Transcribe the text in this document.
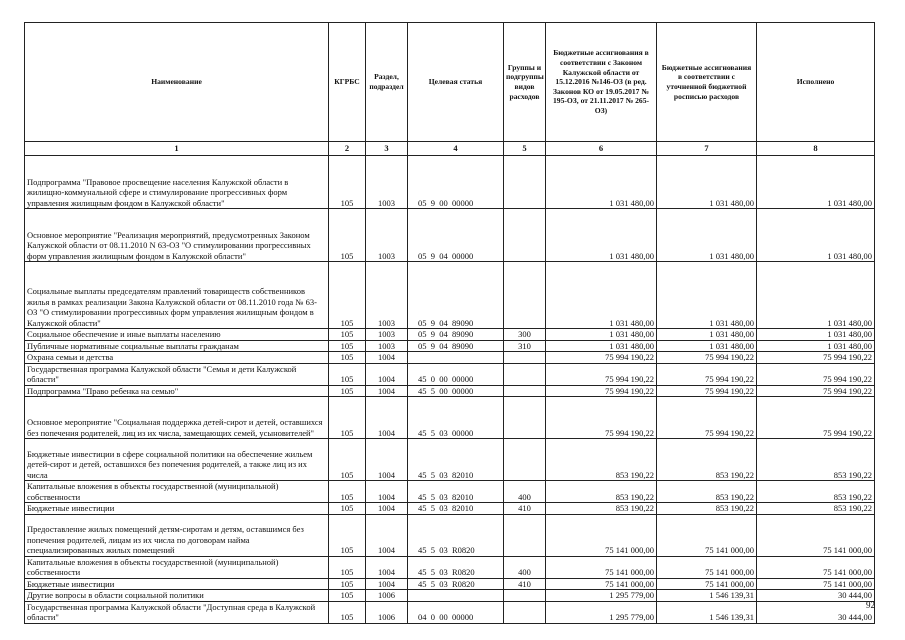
Наименование	КГРБС	Раздел, подраздел	Целевая статья	Группы и подгруппы видов расходов	Бюджетные ассигнования в соответствии с Законом Калужской области от 15.12.2016 №146-ОЗ (в ред. Законов КО от 19.05.2017 № 195-ОЗ, от 21.11.2017 № 265-ОЗ)	Бюджетные ассигнования в соответствии с уточненной бюджетной росписью расходов	Исполнено
1	2	3	4	5	6	7	8
Подпрограмма "Правовое просвещение населения Калужской области в жилищно-коммунальной сфере и стимулирование прогрессивных форм управления жилищным фондом в Калужской области"	105	1003	05  9  00  00000		1 031 480,00	1 031 480,00	1 031 480,00
Основное мероприятие "Реализация мероприятий, предусмотренных Законом Калужской области от 08.11.2010 N 63-ОЗ "О стимулировании прогрессивных форм управления жилищным фондом в Калужской области"	105	1003	05  9  04  00000		1 031 480,00	1 031 480,00	1 031 480,00
Социальные выплаты председателям правлений товариществ собственников жилья в рамках реализации Закона Калужской области от 08.11.2010 года № 63-ОЗ "О стимулировании прогрессивных форм управления жилищным фондом в Калужской области"	105	1003	05  9  04  89090		1 031 480,00	1 031 480,00	1 031 480,00
Социальное обеспечение и иные выплаты населению	105	1003	05  9  04  89090	300	1 031 480,00	1 031 480,00	1 031 480,00
Публичные нормативные социальные выплаты гражданам	105	1003	05  9  04  89090	310	1 031 480,00	1 031 480,00	1 031 480,00
Охрана семьи и детства	105	1004			75 994 190,22	75 994 190,22	75 994 190,22
Государственная программа Калужской области "Семья и дети Калужской области"	105	1004	45  0  00  00000		75 994 190,22	75 994 190,22	75 994 190,22
Подпрограмма "Право ребенка на семью"	105	1004	45  5  00  00000		75 994 190,22	75 994 190,22	75 994 190,22
Основное мероприятие "Социальная поддержка детей-сирот и детей, оставшихся без попечения родителей, лиц из их числа, замещающих семей, усыновителей"	105	1004	45  5  03  00000		75 994 190,22	75 994 190,22	75 994 190,22
Бюджетные инвестиции в сфере социальной политики на обеспечение жильем детей-сирот и детей, оставшихся без попечения родителей, а также лиц из их числа	105	1004	45  5  03  82010		853 190,22	853 190,22	853 190,22
Капитальные вложения в объекты государственной (муниципальной) собственности	105	1004	45  5  03  82010	400	853 190,22	853 190,22	853 190,22
Бюджетные инвестиции	105	1004	45  5  03  82010	410	853 190,22	853 190,22	853 190,22
Предоставление жилых помещений детям-сиротам и детям, оставшимся без попечения родителей, лицам из их числа по договорам найма специализированных жилых помещений	105	1004	45  5  03  R0820		75 141 000,00	75 141 000,00	75 141 000,00
Капитальные вложения в объекты государственной (муниципальной) собственности	105	1004	45  5  03  R0820	400	75 141 000,00	75 141 000,00	75 141 000,00
Бюджетные инвестиции	105	1004	45  5  03  R0820	410	75 141 000,00	75 141 000,00	75 141 000,00
Другие вопросы в области социальной политики	105	1006			1 295 779,00	1 546 139,31	30 444,00
Государственная программа Калужской области "Доступная среда в Калужской области"	105	1006	04  0  00  00000		1 295 779,00	1 546 139,31	30 444,00
92
